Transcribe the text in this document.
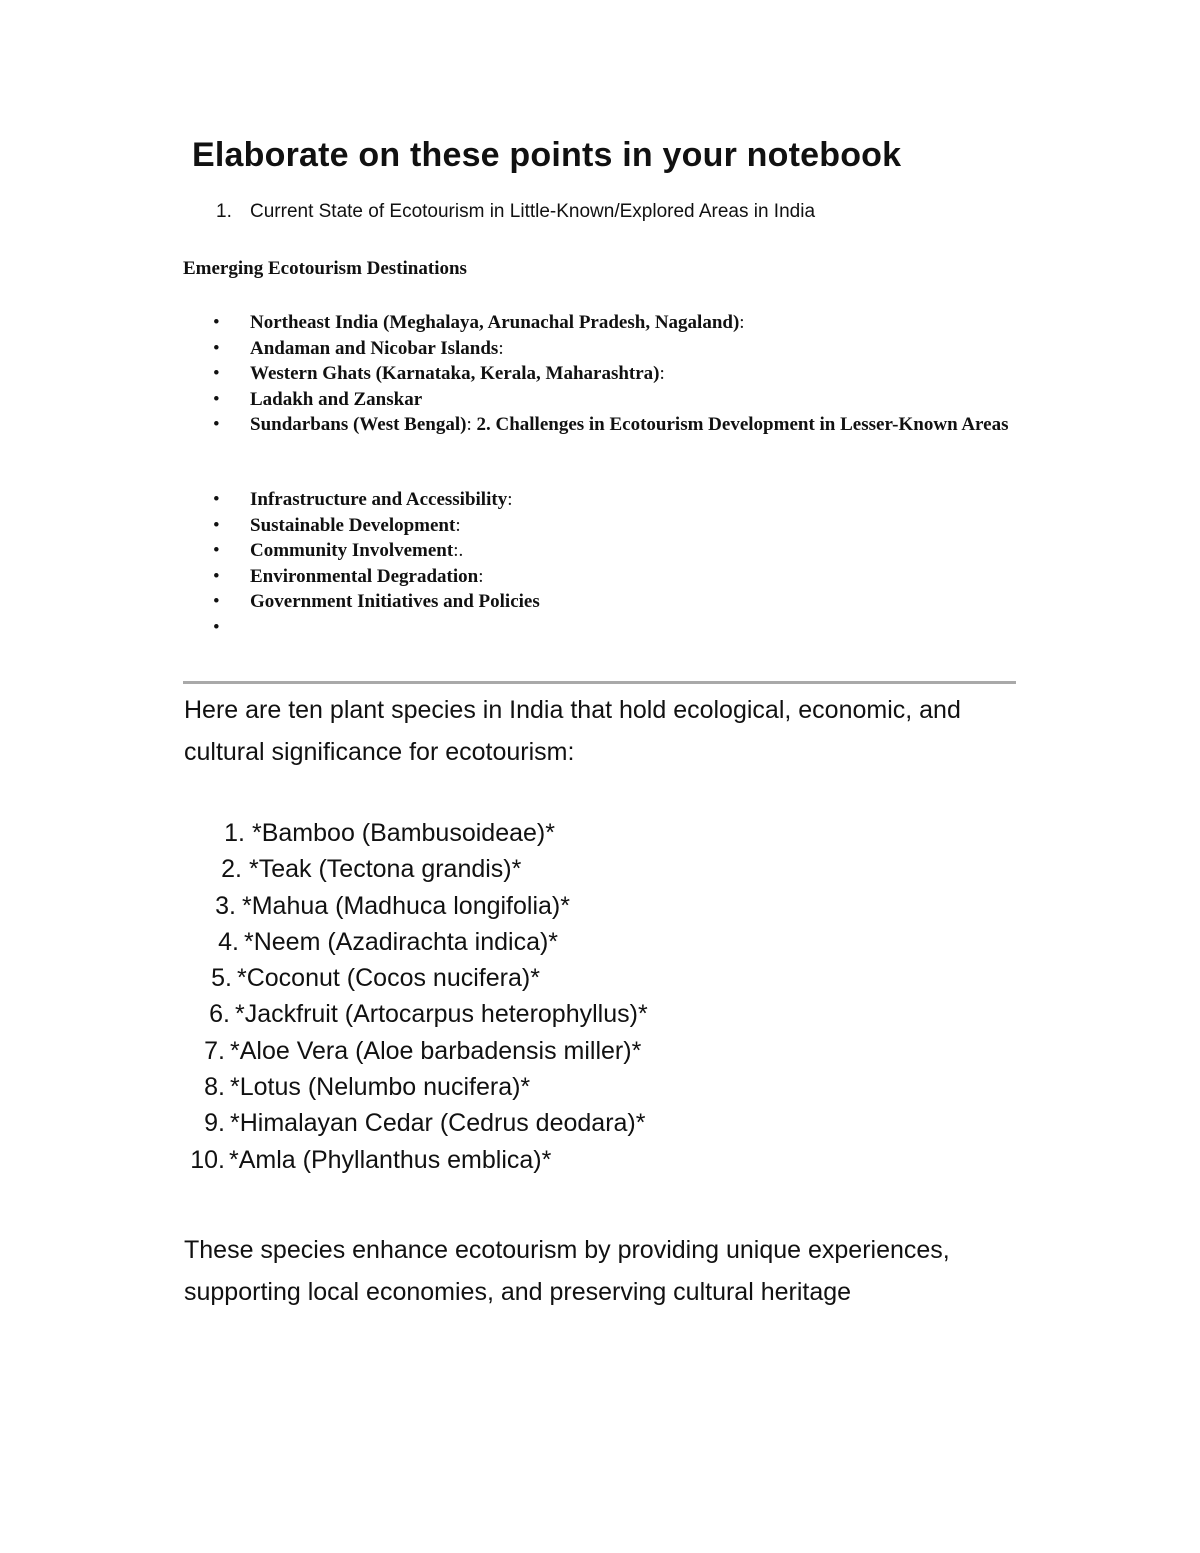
Elaborate on these points in your notebook
1. Current State of Ecotourism in Little-Known/Explored Areas in India
Emerging Ecotourism Destinations
• Northeast India (Meghalaya, Arunachal Pradesh, Nagaland):
• Andaman and Nicobar Islands:
• Western Ghats (Karnataka, Kerala, Maharashtra):
• Ladakh and Zanskar
• Sundarbans (West Bengal): 2. Challenges in Ecotourism Development in Lesser-Known Areas
• Infrastructure and Accessibility:
• Sustainable Development:
• Community Involvement:.
• Environmental Degradation:
• Government Initiatives and Policies
•
Here are ten plant species in India that hold ecological, economic, and cultural significance for ecotourism:
1. *Bamboo (Bambusoideae)*
2. *Teak (Tectona grandis)*
3. *Mahua (Madhuca longifolia)*
4. *Neem (Azadirachta indica)*
5. *Coconut (Cocos nucifera)*
6. *Jackfruit (Artocarpus heterophyllus)*
7. *Aloe Vera (Aloe barbadensis miller)*
8. *Lotus (Nelumbo nucifera)*
9. *Himalayan Cedar (Cedrus deodara)*
10. *Amla (Phyllanthus emblica)*
These species enhance ecotourism by providing unique experiences, supporting local economies, and preserving cultural heritage
